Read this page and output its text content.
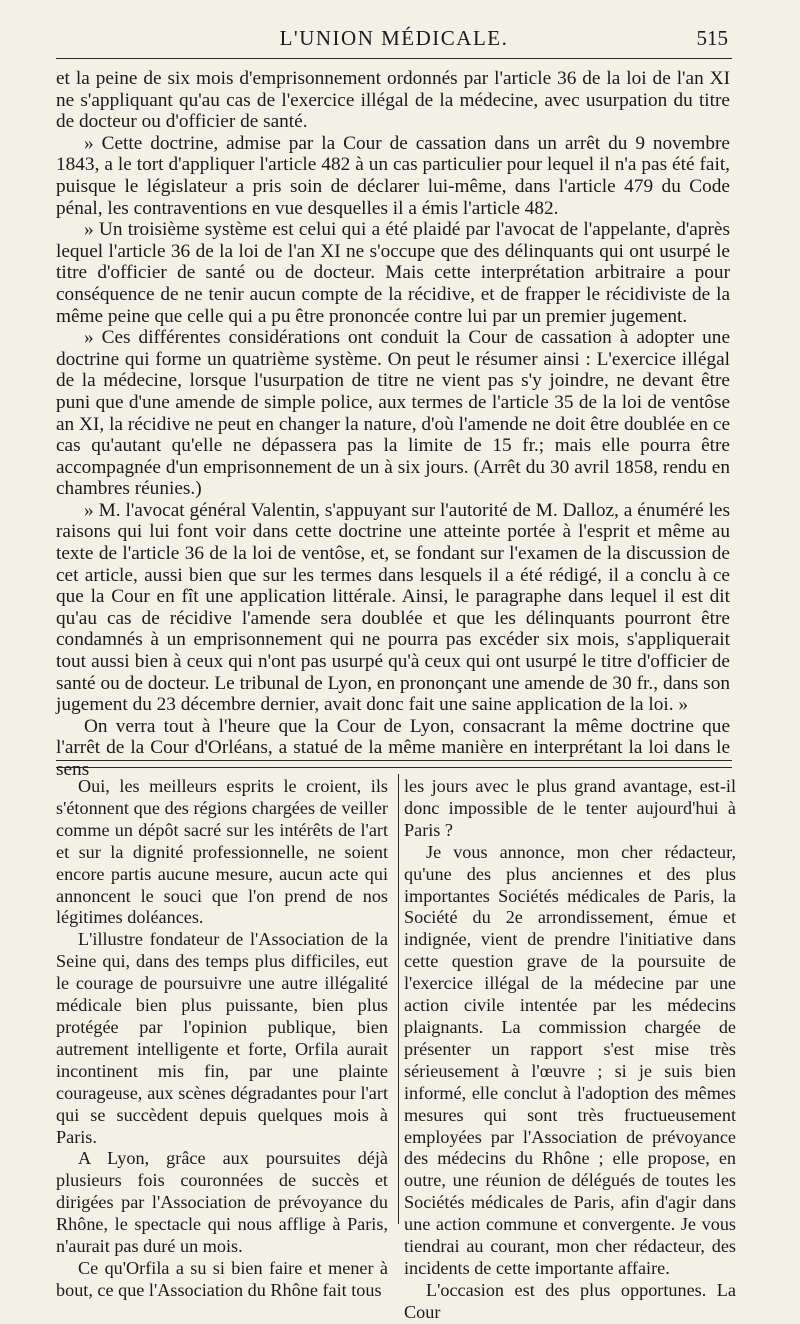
L'UNION MÉDICALE.	515

et la peine de six mois d'emprisonnement ordonnés par l'article 36 de la loi de l'an XI ne s'appliquant qu'au cas de l'exercice illégal de la médecine, avec usurpation du titre de docteur ou d'officier de santé.

» Cette doctrine, admise par la Cour de cassation dans un arrêt du 9 novembre 1843, a le tort d'appliquer l'article 482 à un cas particulier pour lequel il n'a pas été fait, puisque le législateur a pris soin de déclarer lui-même, dans l'article 479 du Code pénal, les contraventions en vue desquelles il a émis l'article 482.

» Un troisième système est celui qui a été plaidé par l'avocat de l'appelante, d'après lequel l'article 36 de la loi de l'an XI ne s'occupe que des délinquants qui ont usurpé le titre d'officier de santé ou de docteur. Mais cette interprétation arbitraire a pour conséquence de ne tenir aucun compte de la récidive, et de frapper le récidiviste de la même peine que celle qui a pu être prononcée contre lui par un premier jugement.

» Ces différentes considérations ont conduit la Cour de cassation à adopter une doctrine qui forme un quatrième système. On peut le résumer ainsi : L'exercice illégal de la médecine, lorsque l'usurpation de titre ne vient pas s'y joindre, ne devant être puni que d'une amende de simple police, aux termes de l'article 35 de la loi de ventôse an XI, la récidive ne peut en changer la nature, d'où l'amende ne doit être doublée en ce cas qu'autant qu'elle ne dépassera pas la limite de 15 fr.; mais elle pourra être accompagnée d'un emprisonnement de un à six jours. (Arrêt du 30 avril 1858, rendu en chambres réunies.)

» M. l'avocat général Valentin, s'appuyant sur l'autorité de M. Dalloz, a énuméré les raisons qui lui font voir dans cette doctrine une atteinte portée à l'esprit et même au texte de l'article 36 de la loi de ventôse, et, se fondant sur l'examen de la discussion de cet article, aussi bien que sur les termes dans lesquels il a été rédigé, il a conclu à ce que la Cour en fît une application littérale. Ainsi, le paragraphe dans lequel il est dit qu'au cas de récidive l'amende sera doublée et que les délinquants pourront être condamnés à un emprisonnement qui ne pourra pas excéder six mois, s'appliquerait tout aussi bien à ceux qui n'ont pas usurpé qu'à ceux qui ont usurpé le titre d'officier de santé ou de docteur. Le tribunal de Lyon, en prononçant une amende de 30 fr., dans son jugement du 23 décembre dernier, avait donc fait une saine application de la loi. »

On verra tout à l'heure que la Cour de Lyon, consacrant la même doctrine que l'arrêt de la Cour d'Orléans, a statué de la même manière en interprétant la loi dans le sens

Oui, les meilleurs esprits le croient, ils s'étonnent que des régions chargées de veiller comme un dépôt sacré sur les intérêts de l'art et sur la dignité professionnelle, ne soient encore partis aucune mesure, aucun acte qui annoncent le souci que l'on prend de nos légitimes doléances.

L'illustre fondateur de l'Association de la Seine qui, dans des temps plus difficiles, eut le courage de poursuivre une autre illégalité médicale bien plus puissante, bien plus protégée par l'opinion publique, bien autrement intelligente et forte, Orfila aurait incontinent mis fin, par une plainte courageuse, aux scènes dégradantes pour l'art qui se succèdent depuis quelques mois à Paris.

A Lyon, grâce aux poursuites déjà plusieurs fois couronnées de succès et dirigées par l'Association de prévoyance du Rhône, le spectacle qui nous afflige à Paris, n'aurait pas duré un mois.

Ce qu'Orfila a su si bien faire et mener à bout, ce que l'Association du Rhône fait tous

les jours avec le plus grand avantage, est-il donc impossible de le tenter aujourd'hui à Paris ?

Je vous annonce, mon cher rédacteur, qu'une des plus anciennes et des plus importantes Sociétés médicales de Paris, la Société du 2e arrondissement, émue et indignée, vient de prendre l'initiative dans cette question grave de la poursuite de l'exercice illégal de la médecine par une action civile intentée par les médecins plaignants. La commission chargée de présenter un rapport s'est mise très sérieusement à l'œuvre ; si je suis bien informé, elle conclut à l'adoption des mêmes mesures qui sont très fructueusement employées par l'Association de prévoyance des médecins du Rhône ; elle propose, en outre, une réunion de délégués de toutes les Sociétés médicales de Paris, afin d'agir dans une action commune et convergente. Je vous tiendrai au courant, mon cher rédacteur, des incidents de cette importante affaire.

L'occasion est des plus opportunes. La Cour
